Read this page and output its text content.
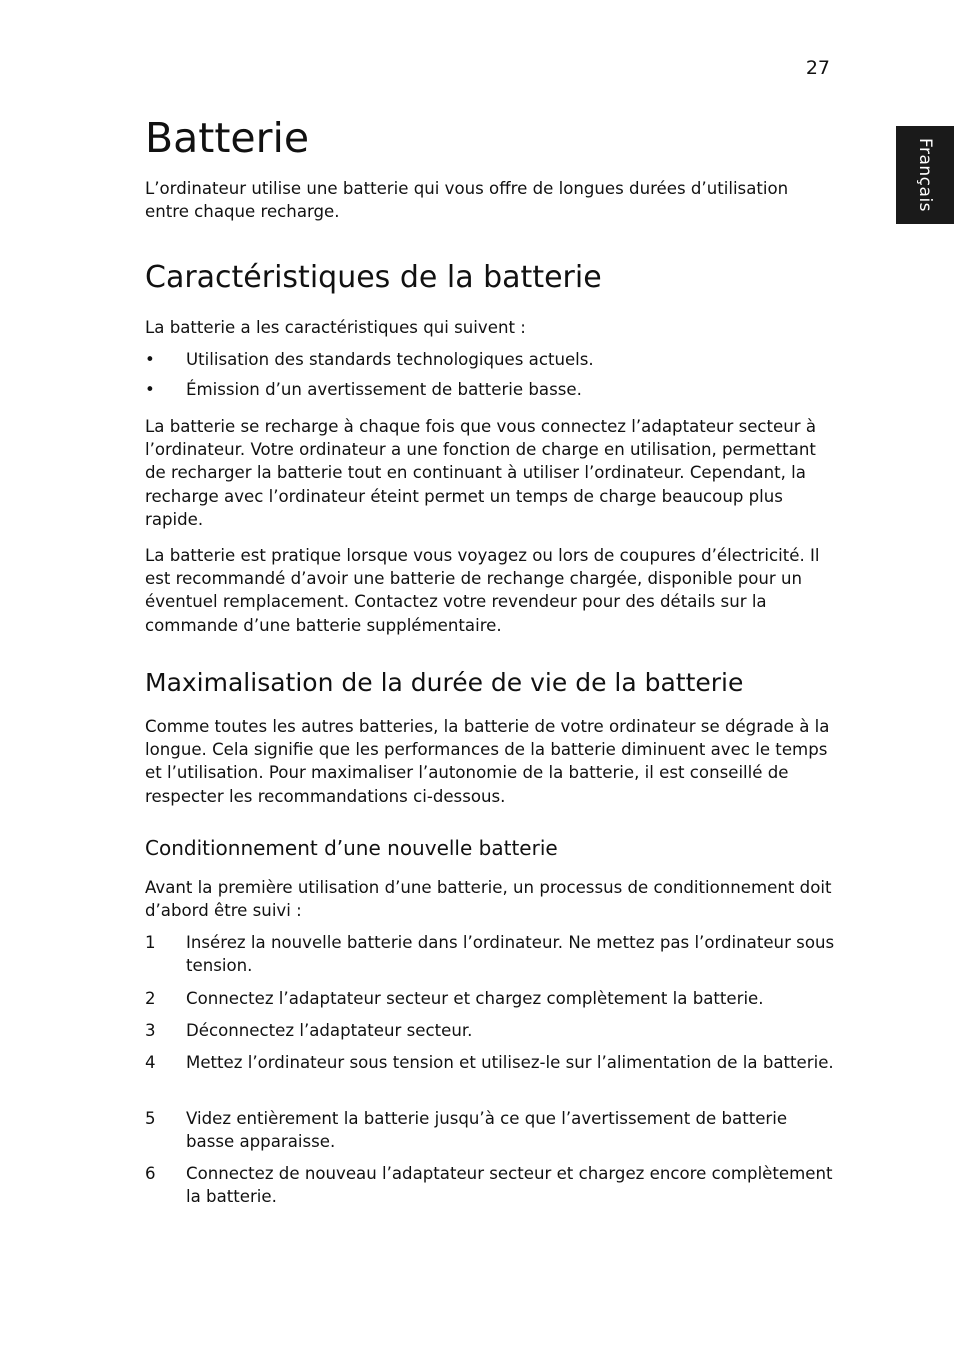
27
Français
Batterie

L’ordinateur utilise une batterie qui vous offre de longues durées d’utilisation entre chaque recharge.

Caractéristiques de la batterie

La batterie a les caractéristiques qui suivent :

•	Utilisation des standards technologiques actuels.
•	Émission d’un avertissement de batterie basse.

La batterie se recharge à chaque fois que vous connectez l’adaptateur secteur à l’ordinateur. Votre ordinateur a une fonction de charge en utilisation, permettant de recharger la batterie tout en continuant à utiliser l’ordinateur. Cependant, la recharge avec l’ordinateur éteint permet un temps de charge beaucoup plus rapide.

La batterie est pratique lorsque vous voyagez ou lors de coupures d’électricité. Il est recommandé d’avoir une batterie de rechange chargée, disponible pour un éventuel remplacement. Contactez votre revendeur pour des détails sur la commande d’une batterie supplémentaire.

Maximalisation de la durée de vie de la batterie

Comme toutes les autres batteries, la batterie de votre ordinateur se dégrade à la longue. Cela signifie que les performances de la batterie diminuent avec le temps et l’utilisation. Pour maximaliser l’autonomie de la batterie, il est conseillé de respecter les recommandations ci-dessous.

Conditionnement d’une nouvelle batterie

Avant la première utilisation d’une batterie, un processus de conditionnement doit d’abord être suivi :

1	Insérez la nouvelle batterie dans l’ordinateur. Ne mettez pas l’ordinateur sous tension.
2	Connectez l’adaptateur secteur et chargez complètement la batterie.
3	Déconnectez l’adaptateur secteur.
4	Mettez l’ordinateur sous tension et utilisez-le sur l’alimentation de la batterie.
5	Videz entièrement la batterie jusqu’à ce que l’avertissement de batterie basse apparaisse.
6	Connectez de nouveau l’adaptateur secteur et chargez encore complètement la batterie.
